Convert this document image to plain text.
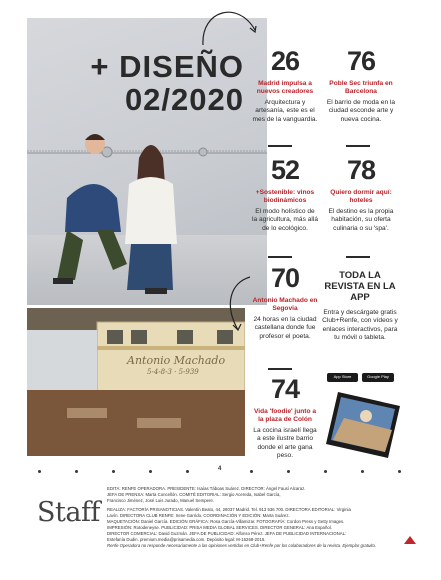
+ DISEÑO
02/2020
26
Madrid impulsa a nuevos creadores
Arquitectura y artesanía, este es el mes de la vanguardia.
76
Poble Sec triunfa en Barcelona
El barrio de moda en la ciudad esconde arte y nueva cocina.
52
+Sostenible: vinos biodinámicos
El modo holístico de la agricultura, más allá de lo ecológico.
78
Quiero dormir aquí: hoteles
El destino es la propia habitación, su oferta culinaria o su 'spa'.
70
Antonio Machado en Segovia
24 horas en la ciudad castellana donde fue profesor el poeta.
TODA LA REVISTA EN LA APP
Entra y descárgate gratis Club+Renfe, con vídeos y enlaces interactivos, para tu móvil o tableta.
App Store	Google Play
Antonio Machado
5-4-8-3 · 5-939
74
Vida 'foodie' junto a la plaza de Colón
La cocina israelí llega a este ilustre barrio donde el arte gana peso.
4
Staff
EDITA: RENFE OPERADORA. PRESIDENTE: Isaías Táboas Suárez. DIRECTOR: Ángel Fausí Alcaraz.
JEFA DE PRENSA: Marta Concellón. COMITÉ EDITORIAL: Sergio Acereda, Isabel García,
Francisco Jiménez, José Luis Jurado, Manuel Sempere.
REALIZA: FACTORÍA PRISANOTICIAS. Valentín Beato, 44, 28037 Madrid. Tel. 913 536 700. DIRECTORA EDITORIAL: Virginia
Lavín. DIRECTORA CLUB RENFE: Irene Garrido. COORDINACIÓN Y EDICIÓN: Marta Suárez.
MAQUETACIÓN: Daniel García. EDICIÓN GRÁFICA: Rosa García-Villamizar. FOTOGRAFÍA: Cordon Press y Getty Images.
IMPRESIÓN: Rotodeneyse. PUBLICIDAD: PRISA MEDIA GLOBAL SERVICES. DIRECTOR GENERAL: Ana Español.
DIRECTOR COMERCIAL: David Guzmán. JEFA DE PUBLICIDAD: Alfonso Pérez. JEFA DE PUBLICIDAD INTERNACIONAL:
Estefanía Dudin. premium.media@prisamedia.com. Depósito legal: M-15268-2015.
Renfe Operadora no responde necesariamente a las opiniones vertidas en Club+Renfe por los colaboradores de la revista. Ejemplar gratuito.
